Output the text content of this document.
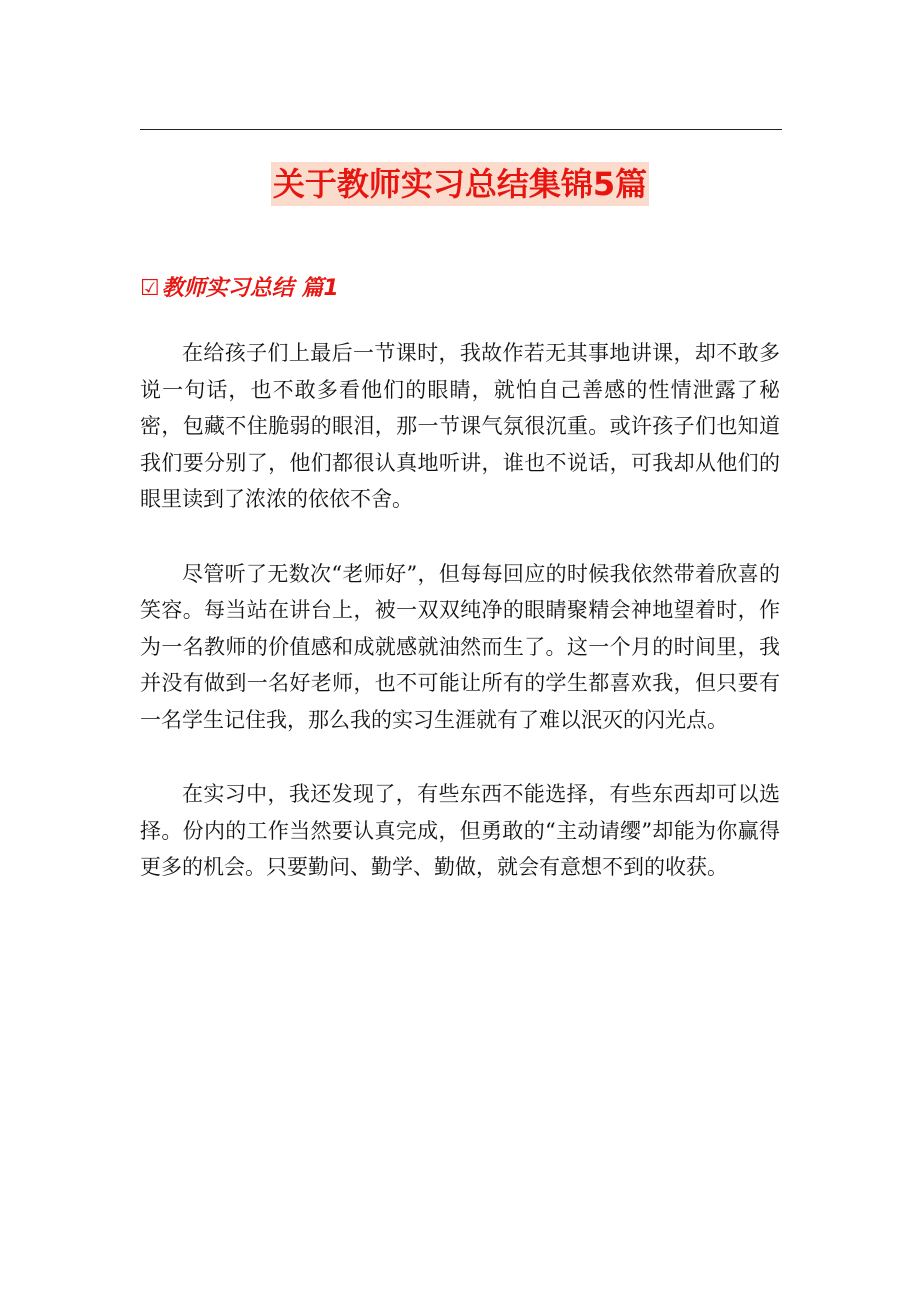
关于教师实习总结集锦5篇
☑教师实习总结 篇1

在给孩子们上最后一节课时，我故作若无其事地讲课，却不敢多说一句话，也不敢多看他们的眼睛，就怕自己善感的性情泄露了秘密，包藏不住脆弱的眼泪，那一节课气氛很沉重。或许孩子们也知道我们要分别了，他们都很认真地听讲，谁也不说话，可我却从他们的眼里读到了浓浓的依依不舍。

尽管听了无数次“老师好”，但每每回应的时候我依然带着欣喜的笑容。每当站在讲台上，被一双双纯净的眼睛聚精会神地望着时，作为一名教师的价值感和成就感就油然而生了。这一个月的时间里，我并没有做到一名好老师，也不可能让所有的学生都喜欢我，但只要有一名学生记住我，那么我的实习生涯就有了难以泯灭的闪光点。

在实习中，我还发现了，有些东西不能选择，有些东西却可以选择。份内的工作当然要认真完成，但勇敢的“主动请缨”却能为你赢得更多的机会。只要勤问、勤学、勤做，就会有意想不到的收获。
